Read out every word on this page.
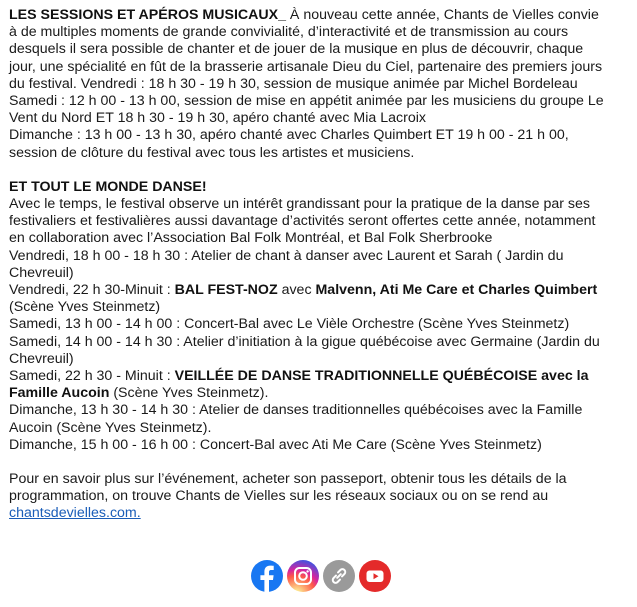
LES SESSIONS ET APÉROS MUSICAUX_ À nouveau cette année, Chants de Vielles convie à de multiples moments de grande convivialité, d’interactivité et de transmission au cours desquels il sera possible de chanter et de jouer de la musique en plus de découvrir, chaque jour, une spécialité en fût de la brasserie artisanale Dieu du Ciel, partenaire des premiers jours du festival. Vendredi : 18 h 30 - 19 h 30, session de musique animée par Michel Bordeleau

Samedi : 12 h 00 - 13 h 00, session de mise en appétit animée par les musiciens du groupe Le Vent du Nord ET 18 h 30 - 19 h 30, apéro chanté avec Mia Lacroix

Dimanche : 13 h 00 - 13 h 30, apéro chanté avec Charles Quimbert ET 19 h 00 - 21 h 00, session de clôture du festival avec tous les artistes et musiciens.

ET TOUT LE MONDE DANSE!

Avec le temps, le festival observe un intérêt grandissant pour la pratique de la danse par ses festivaliers et festivalières aussi davantage d’activités seront offertes cette année, notamment en collaboration avec l’Association Bal Folk Montréal, et Bal Folk Sherbrooke

Vendredi, 18 h 00 - 18 h 30 : Atelier de chant à danser avec Laurent et Sarah ( Jardin du Chevreuil)

Vendredi, 22 h 30-Minuit : BAL FEST-NOZ avec Malvenn, Ati Me Care et Charles Quimbert (Scène Yves Steinmetz)

Samedi, 13 h 00 - 14 h 00 : Concert-Bal avec Le Vièle Orchestre (Scène Yves Steinmetz)

Samedi, 14 h 00 - 14 h 30 : Atelier d’initiation à la gigue québécoise avec Germaine (Jardin du Chevreuil)

Samedi, 22 h 30 - Minuit : VEILLÉE DE DANSE TRADITIONNELLE QUÉBÉCOISE avec la Famille Aucoin (Scène Yves Steinmetz).

Dimanche, 13 h 30 - 14 h 30 : Atelier de danses traditionnelles québécoises avec la Famille Aucoin (Scène Yves Steinmetz).

Dimanche, 15 h 00 - 16 h 00 : Concert-Bal avec Ati Me Care (Scène Yves Steinmetz)

Pour en savoir plus sur l’événement, acheter son passeport, obtenir tous les détails de la programmation, on trouve Chants de Vielles sur les réseaux sociaux ou on se rend au chantsdevielles.com.
